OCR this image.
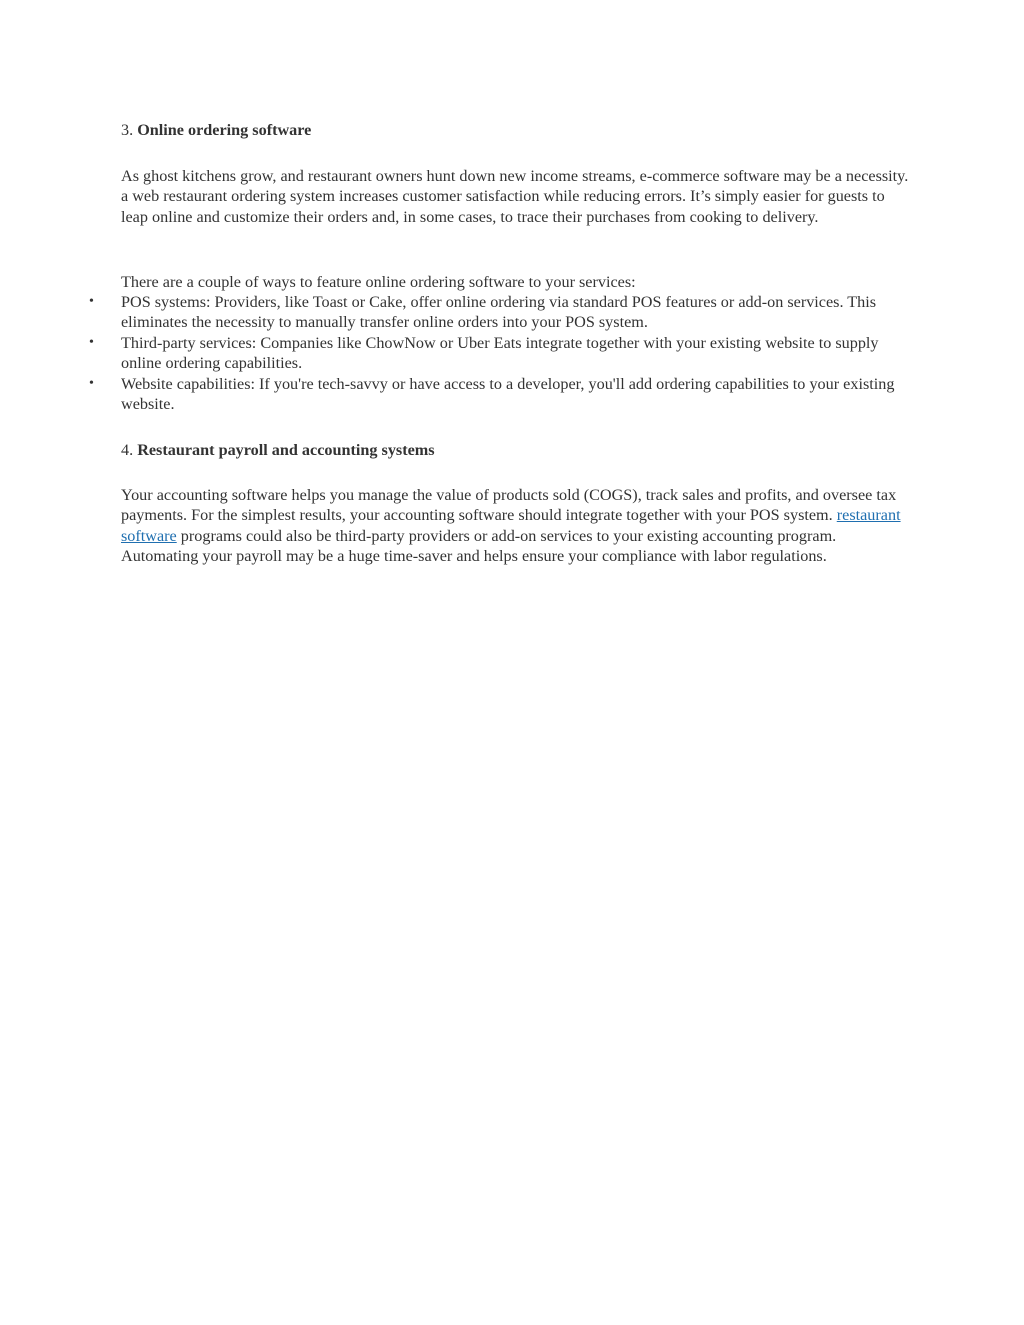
3. Online ordering software

As ghost kitchens grow, and restaurant owners hunt down new income streams, e-commerce software may be a necessity. a web restaurant ordering system increases customer satisfaction while reducing errors. It’s simply easier for guests to leap online and customize their orders and, in some cases, to trace their purchases from cooking to delivery.

There are a couple of ways to feature online ordering software to your services:

• POS systems: Providers, like Toast or Cake, offer online ordering via standard POS features or add-on services. This eliminates the necessity to manually transfer online orders into your POS system.
• Third-party services: Companies like ChowNow or Uber Eats integrate together with your existing website to supply online ordering capabilities.
• Website capabilities: If you're tech-savvy or have access to a developer, you'll add ordering capabilities to your existing website.

4. Restaurant payroll and accounting systems

Your accounting software helps you manage the value of products sold (COGS), track sales and profits, and oversee tax payments. For the simplest results, your accounting software should integrate together with your POS system. restaurant software programs could also be third-party providers or add-on services to your existing accounting program. Automating your payroll may be a huge time-saver and helps ensure your compliance with labor regulations.
